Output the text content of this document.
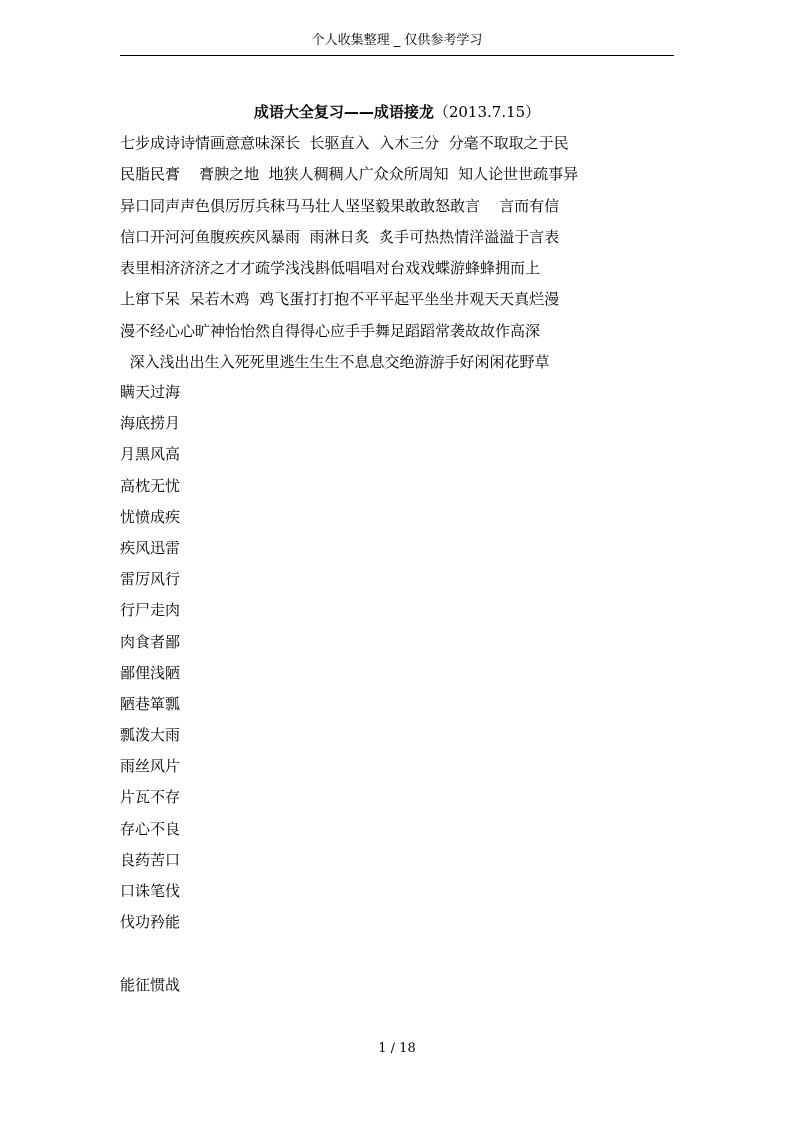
个人收集整理 _ 仅供参考学习
成语大全复习——成语接龙（2013.7.15）
七步成诗诗情画意意味深长  长驱直入  入木三分  分毫不取取之于民
民脂民膏    膏腴之地  地狭人稠稠人广众众所周知  知人论世世疏事异
异口同声声色俱厉厉兵秣马马壮人坚坚毅果敢敢怒敢言    言而有信
信口开河河鱼腹疾疾风暴雨  雨淋日炙  炙手可热热情洋溢溢于言表
表里相济济济之才才疏学浅浅斟低唱唱对台戏戏蝶游蜂蜂拥而上
上窜下呆  呆若木鸡  鸡飞蛋打打抱不平平起平坐坐井观天天真烂漫
漫不经心心旷神怡怡然自得得心应手手舞足蹈蹈常袭故故作高深
深入浅出出生入死死里逃生生生不息息交绝游游手好闲闲花野草
瞒天过海
海底捞月
月黑风高
高枕无忧
忧愤成疾
疾风迅雷
雷厉风行
行尸走肉
肉食者鄙
鄙俚浅陋
陋巷箪瓢
瓢泼大雨
雨丝风片
片瓦不存
存心不良
良药苦口
口诛笔伐
伐功矜能
能征惯战
1 / 18
